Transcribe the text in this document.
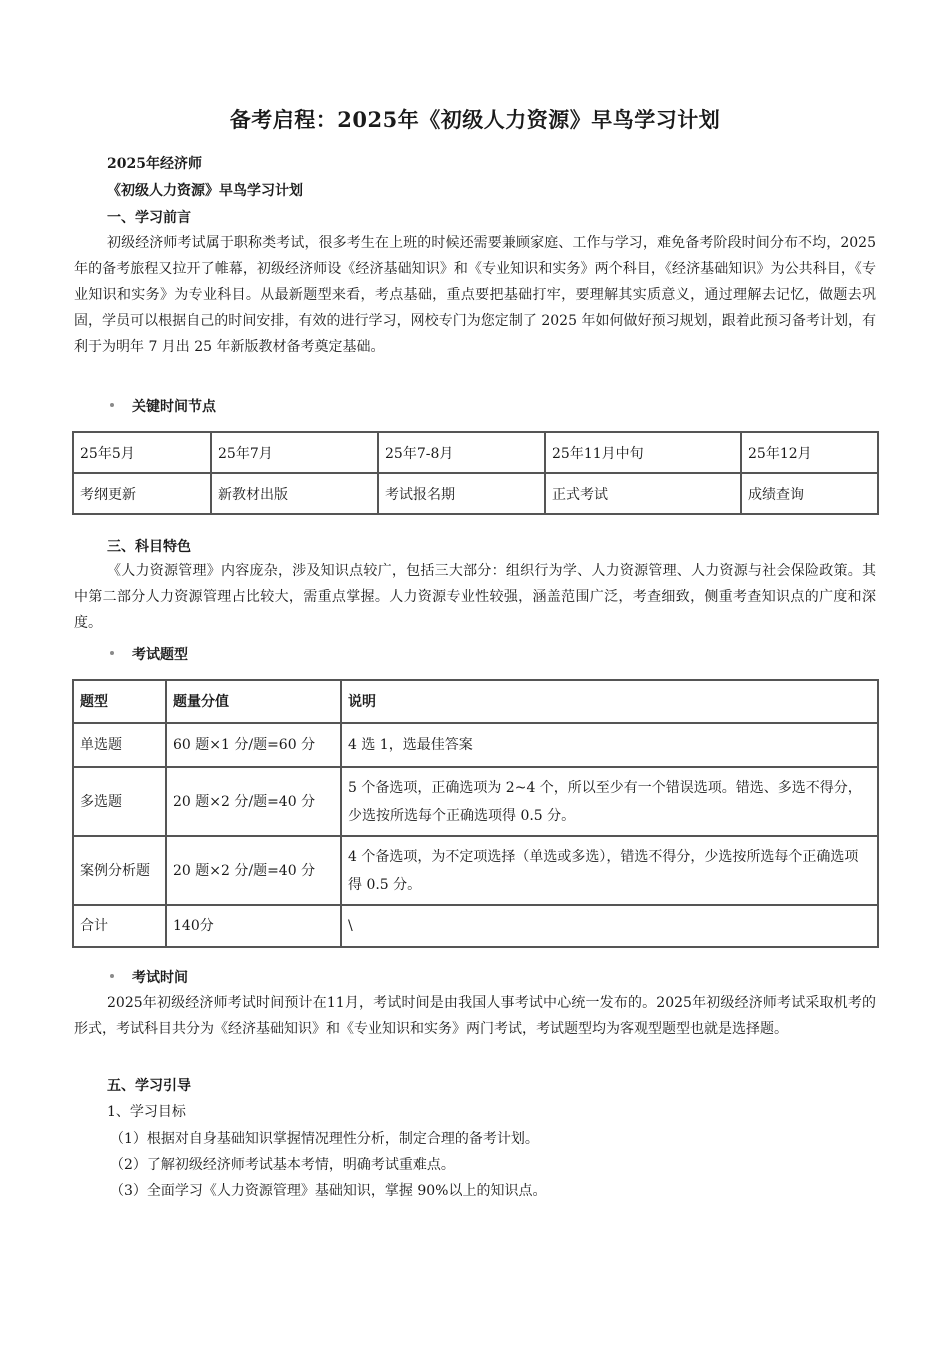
备考启程：2025年《初级人力资源》早鸟学习计划
2025年经济师
《初级人力资源》早鸟学习计划
一、学习前言
初级经济师考试属于职称类考试，很多考生在上班的时候还需要兼顾家庭、工作与学习，难免备考阶段时间分布不均，2025年的备考旅程又拉开了帷幕，初级经济师设《经济基础知识》和《专业知识和实务》两个科目，《经济基础知识》为公共科目，《专业知识和实务》为专业科目。从最新题型来看，考点基础，重点要把基础打牢，要理解其实质意义，通过理解去记忆，做题去巩固，学员可以根据自己的时间安排，有效的进行学习，网校专门为您定制了 2025 年如何做好预习规划，跟着此预习备考计划，有利于为明年 7 月出 25 年新版教材备考奠定基础。
关键时间节点
25年5月	25年7月	25年7-8月	25年11月中旬	25年12月
考纲更新	新教材出版	考试报名期	正式考试	成绩查询
三、科目特色
《人力资源管理》内容庞杂，涉及知识点较广，包括三大部分：组织行为学、人力资源管理、人力资源与社会保险政策。其中第二部分人力资源管理占比较大，需重点掌握。人力资源专业性较强，涵盖范围广泛，考查细致，侧重考查知识点的广度和深度。
考试题型
题型	题量分值	说明
单选题	60 题×1 分/题=60 分	4 选 1，选最佳答案
多选题	20 题×2 分/题=40 分	5 个备选项，正确选项为 2~4 个，所以至少有一个错误选项。错选、多选不得分，少选按所选每个正确选项得 0.5 分。
案例分析题	20 题×2 分/题=40 分	4 个备选项，为不定项选择（单选或多选），错选不得分，少选按所选每个正确选项得 0.5 分。
合计	140分	\
考试时间
2025年初级经济师考试时间预计在11月，考试时间是由我国人事考试中心统一发布的。2025年初级经济师考试采取机考的形式，考试科目共分为《经济基础知识》和《专业知识和实务》两门考试，考试题型均为客观型题型也就是选择题。
五、学习引导
1、学习目标
（1）根据对自身基础知识掌握情况理性分析，制定合理的备考计划。
（2）了解初级经济师考试基本考情，明确考试重难点。
（3）全面学习《人力资源管理》基础知识，掌握 90%以上的知识点。
